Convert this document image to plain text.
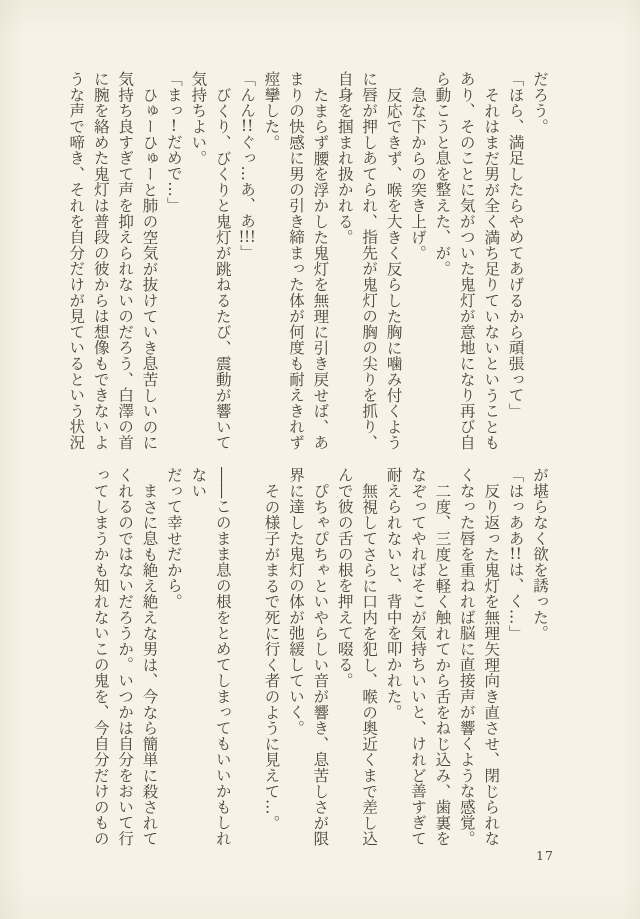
だろう。

「ほら、満足したらやめてあげるから頑張って」

それはまだ男が全く満ち足りていないということもあり、そのことに気がついた鬼灯が意地になり再び自ら動こうと息を整えた、が。

急な下からの突き上げ。

反応できず、喉を大きく反らした胸に噛み付くように唇が押しあてられ、指先が鬼灯の胸の尖りを抓り、自身を掴まれ扱かれる。

たまらず腰を浮かした鬼灯を無理に引き戻せば、あまりの快感に男の引き締まった体が何度も耐えきれず痙攣した。

「んん!!ぐっ…あ、あ!!!」

びくり、びくりと鬼灯が跳ねるたび、震動が響いて気持ちよい。

「まっ!だめで…」

ひゅーひゅーと肺の空気が抜けていき息苦しいのに気持ち良すぎて声を抑えられないのだろう、白澤の首に腕を絡めた鬼灯は普段の彼からは想像もできないような声で啼き、それを自分だけが見ているという状況

が堪らなく欲を誘った。

「はっああ!!は、く…」

反り返った鬼灯を無理矢理向き直させ、閉じられなくなった唇を重ねれば脳に直接声が響くような感覚。

二度、三度と軽く触れてから舌をねじ込み、歯裏をなぞってやればそこが気持ちいいと、けれど善すぎて耐えられないと、背中を叩かれた。

無視してさらに口内を犯し、喉の奥近くまで差し込んで彼の舌の根を押えて啜る。

ぴちゃぴちゃといやらしい音が響き、息苦しさが限界に達した鬼灯の体が弛緩していく。

その様子がまるで死に行く者のように見えて…。

――このまま息の根をとめてしまってもいいかもしれない

だって幸せだから。

まさに息も絶え絶えな男は、今なら簡単に殺されてくれるのではないだろうか。いつかは自分をおいて行ってしまうかも知れないこの鬼を、今自分だけのもの

17
